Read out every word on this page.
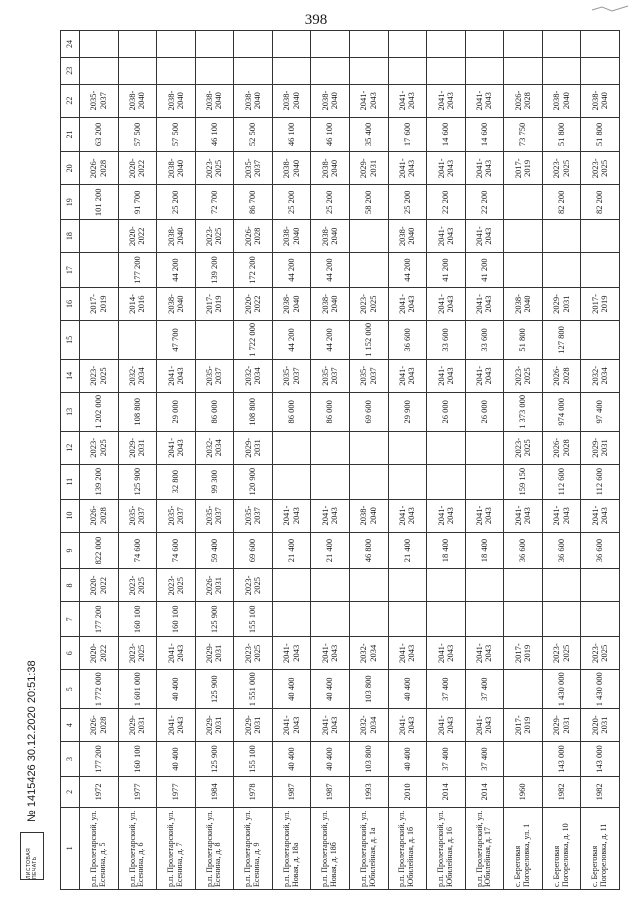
398
1	2	3	4	5	6	7	8	9	10	11	12	13	14	15	16	17	18	19	20	21	22	23	24
р.п. Пролетарский, ул. Есенина, д. 5	1972	177 200	2026-2028	1 772 000	2020-2022	177 200	2020-2022	822 000	2026-2028	139 200	2023-2025	1 202 000	2023-2025		2017-2019			101 200	2026-2028	63 200	2035-2037		
р.п. Пролетарский, ул. Есенина, д. 6	1977	160 100	2029-2031	1 601 000	2023-2025	160 100	2023-2025	74 600	2035-2037	125 900	2029-2031	108 800	2032-2034		2014-2016	177 200	2020-2022	91 700	2020-2022	57 500	2038-2040		
р.п. Пролетарский, ул. Есенина, д. 7	1977	40 400	2041-2043	40 400	2041-2043	160 100	2023-2025	74 600	2035-2037	32 800	2041-2043	29 000	2041-2043	47 700	2038-2040	44 200	2038-2040	25 200	2038-2040	57 500	2038-2040		
р.п. Пролетарский, ул. Есенина, д. 8	1984	125 900	2029-2031	125 900	2029-2031	125 900	2026-2031	59 400	2035-2037	99 300	2032-2034	86 000	2035-2037		2017-2019	139 200	2023-2025	72 700	2023-2025	46 100	2038-2040		
р.п. Пролетарский, ул. Есенина, д. 9	1978	155 100	2029-2031	1 551 000	2023-2025	155 100	2023-2025	69 600	2035-2037	120 900	2029-2031	108 800	2032-2034	1 722 000	2020-2022	172 200	2026-2028	86 700	2035-2037	52 500	2038-2040		
р.п. Пролетарский, ул. Новая, д. 18а	1987	40 400	2041-2043	40 400	2041-2043			21 400	2041-2043			86 000	2035-2037	44 200	2038-2040	44 200	2038-2040	25 200	2038-2040	46 100	2038-2040		
р.п. Пролетарский, ул. Новая, д. 18б	1987	40 400	2041-2043	40 400	2041-2043			21 400	2041-2043			86 000	2035-2037	44 200	2038-2040	44 200	2038-2040	25 200	2038-2040	46 100	2038-2040		
р.п. Пролетарский, ул. Юбилейная, д. 1а	1993	103 800	2032-2034	103 800	2032-2034			46 800	2038-2040			69 600	2035-2037	1 152 000	2023-2025			58 200	2029-2031	35 400	2041-2043		
р.п. Пролетарский, ул. Юбилейная, д. 1б	2010	40 400	2041-2043	40 400	2041-2043			21 400	2041-2043			29 900	2041-2043	36 600	2041-2043	44 200	2038-2040	25 200	2041-2043	17 600	2041-2043		
р.п. Пролетарский, ул. Юбилейная, д. 16	2014	37 400	2041-2043	37 400	2041-2043			18 400	2041-2043			26 000	2041-2043	33 600	2041-2043	41 200	2041-2043	22 200	2041-2043	14 600	2041-2043		
р.п. Пролетарский, ул. Юбилейная, д. 17	2014	37 400	2041-2043	37 400	2041-2043			18 400	2041-2043			26 000	2041-2043	33 600	2041-2043	41 200	2041-2043	22 200	2041-2043	14 600	2041-2043		
с. Береговая Погореловка, ул. 1	1960		2017-2019		2017-2019			36 600	2041-2043	159 150	2023-2025	1 373 000	2023-2025	51 800	2038-2040				2017-2019	73 750	2026-2028		
с. Береговая Погореловка, д. 10	1982	143 000	2029-2031	1 430 000	2023-2025			36 600	2041-2043	112 600	2026-2028	974 000	2026-2028	127 800	2029-2031			82 200	2023-2025	51 800	2038-2040		
с. Береговая Погореловка, д. 11	1982	143 000	2020-2031	1 430 000	2023-2025			36 600	2041-2043	112 600	2029-2031	97 400	2032-2034		2017-2019			82 200	2023-2025	51 800	2038-2040		
ЛИСТОВАЯ ПЕЧАТЬ
№ 1415426 30.12.2020 20:51:38
